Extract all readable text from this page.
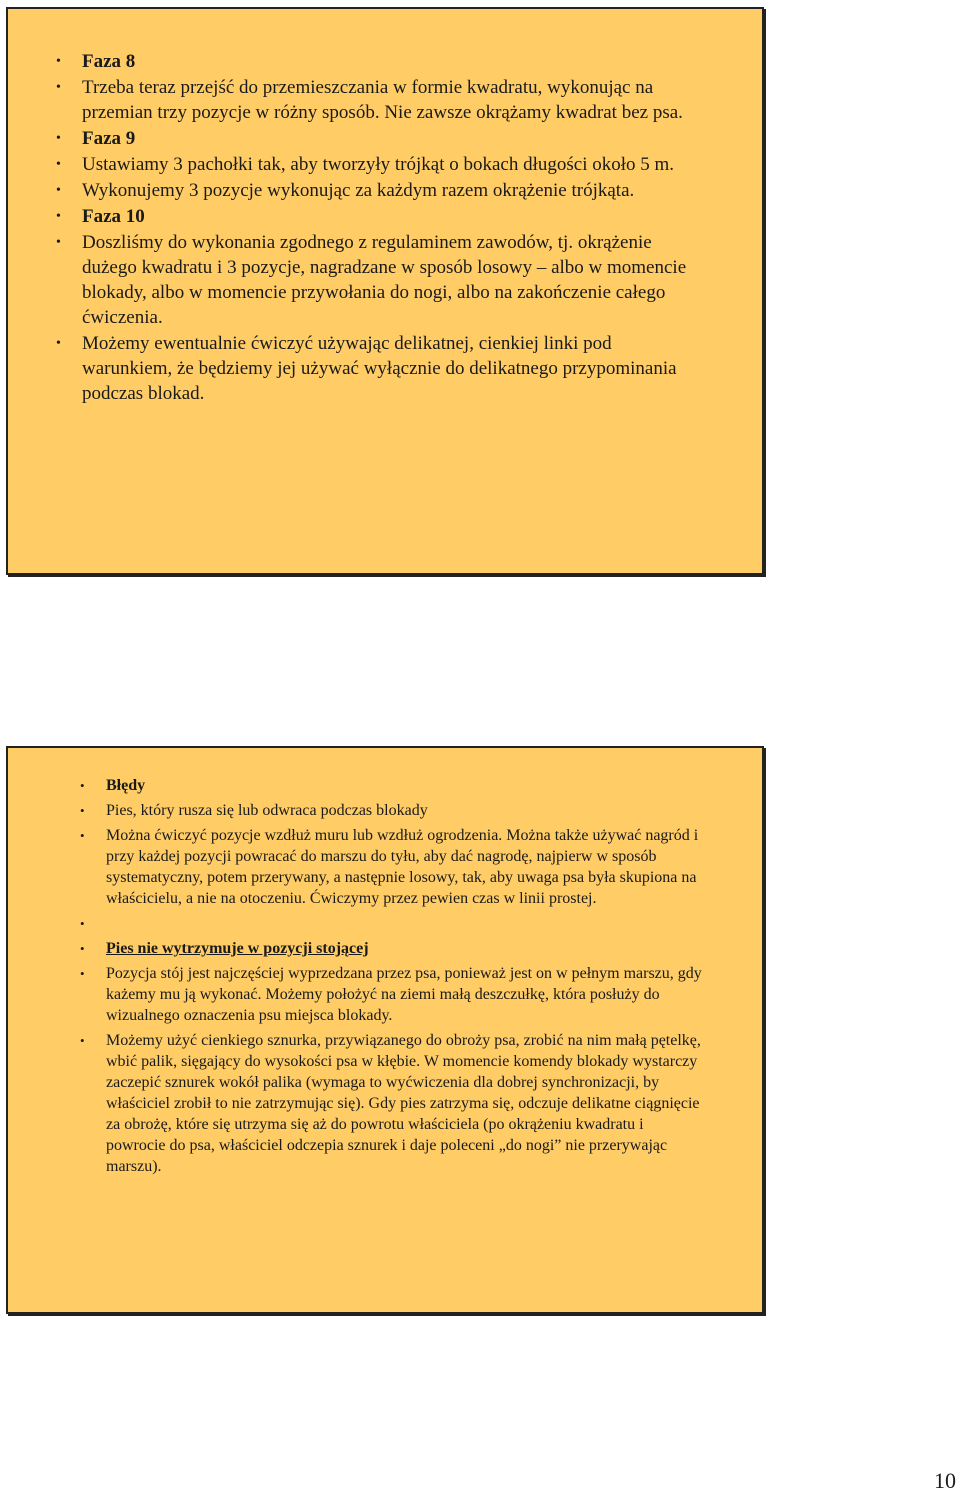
• Faza 8
• Trzeba teraz przejść do przemieszczania w formie kwadratu, wykonując na przemian trzy pozycje w różny sposób. Nie zawsze okrążamy kwadrat bez psa.
• Faza 9
• Ustawiamy 3 pachołki tak, aby tworzyły trójkąt o bokach długości około 5 m.
• Wykonujemy 3 pozycje wykonując za każdym razem okrążenie trójkąta.
• Faza 10
• Doszliśmy do wykonania zgodnego z regulaminem zawodów, tj. okrążenie dużego kwadratu i 3 pozycje, nagradzane w sposób losowy – albo w momencie blokady, albo w momencie przywołania do nogi, albo na zakończenie całego ćwiczenia.
• Możemy ewentualnie ćwiczyć używając delikatnej, cienkiej linki pod warunkiem, że będziemy jej używać wyłącznie do delikatnego przypominania podczas blokad.
• Błędy
• Pies, który rusza się lub odwraca podczas blokady
• Można ćwiczyć pozycje wzdłuż muru lub wzdłuż ogrodzenia. Można także używać nagród i przy każdej pozycji powracać do marszu do tyłu, aby dać nagrodę, najpierw w sposób systematyczny, potem przerywany, a następnie losowy, tak, aby uwaga psa była skupiona na właścicielu, a nie na otoczeniu. Ćwiczymy przez pewien czas w linii prostej.
•
• Pies nie wytrzymuje w pozycji stojącej
• Pozycja stój jest najczęściej wyprzedzana przez psa, ponieważ jest on w pełnym marszu, gdy każemy mu ją wykonać. Możemy położyć na ziemi małą deszczułkę, która posłuży do wizualnego oznaczenia psu miejsca blokady.
• Możemy użyć cienkiego sznurka, przywiązanego do obroży psa, zrobić na nim małą pętelkę, wbić palik, sięgający do wysokości psa w kłębie. W momencie komendy blokady wystarczy zaczepić sznurek wokół palika (wymaga to wyćwiczenia dla dobrej synchronizacji, by właściciel zrobił to nie zatrzymując się). Gdy pies zatrzyma się, odczuje delikatne ciągnięcie za obrożę, które się utrzyma się aż do powrotu właściciela (po okrążeniu kwadratu i powrocie do psa, właściciel odczepia sznurek i daje poleceni „do nogi” nie przerywając marszu).
10
